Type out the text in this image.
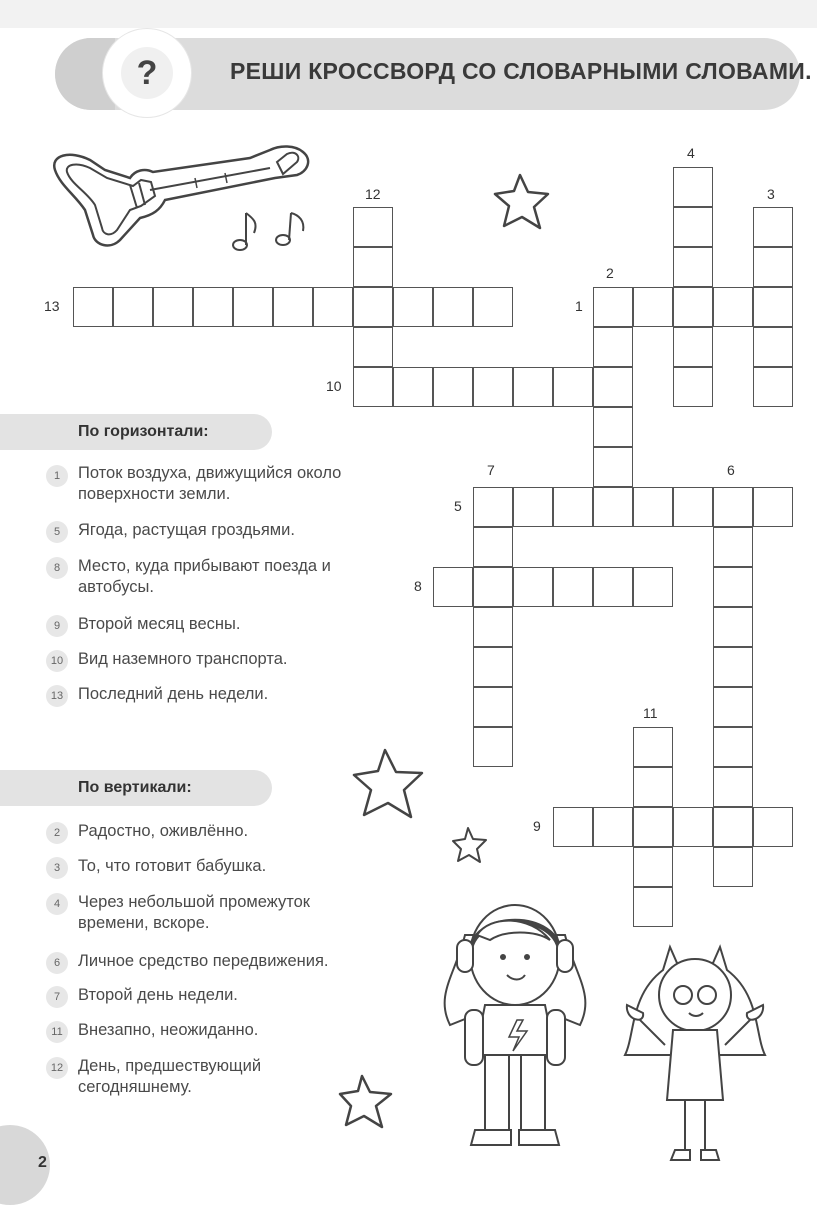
?	РЕШИ КРОССВОРД СО СЛОВАРНЫМИ СЛОВАМИ.
13
12
10
1
2
4
3
5
7	6
8
11
9
По горизонтали:
1	Поток воздуха, движущийся около поверхности земли.
5	Ягода, растущая гроздьями.
8	Место, куда прибывают поезда и автобусы.
9	Второй месяц весны.
10 Вид наземного транспорта.
13 Последний день недели.
По вертикали:
2	Радостно, оживлённо.
3	То, что готовит бабушка.
4	Через небольшой промежуток времени, вскоре.
6	Личное средство передвижения.
7	Второй день недели.
11 Внезапно, неожиданно.
12 День, предшествующий сегодняшнему.
2
